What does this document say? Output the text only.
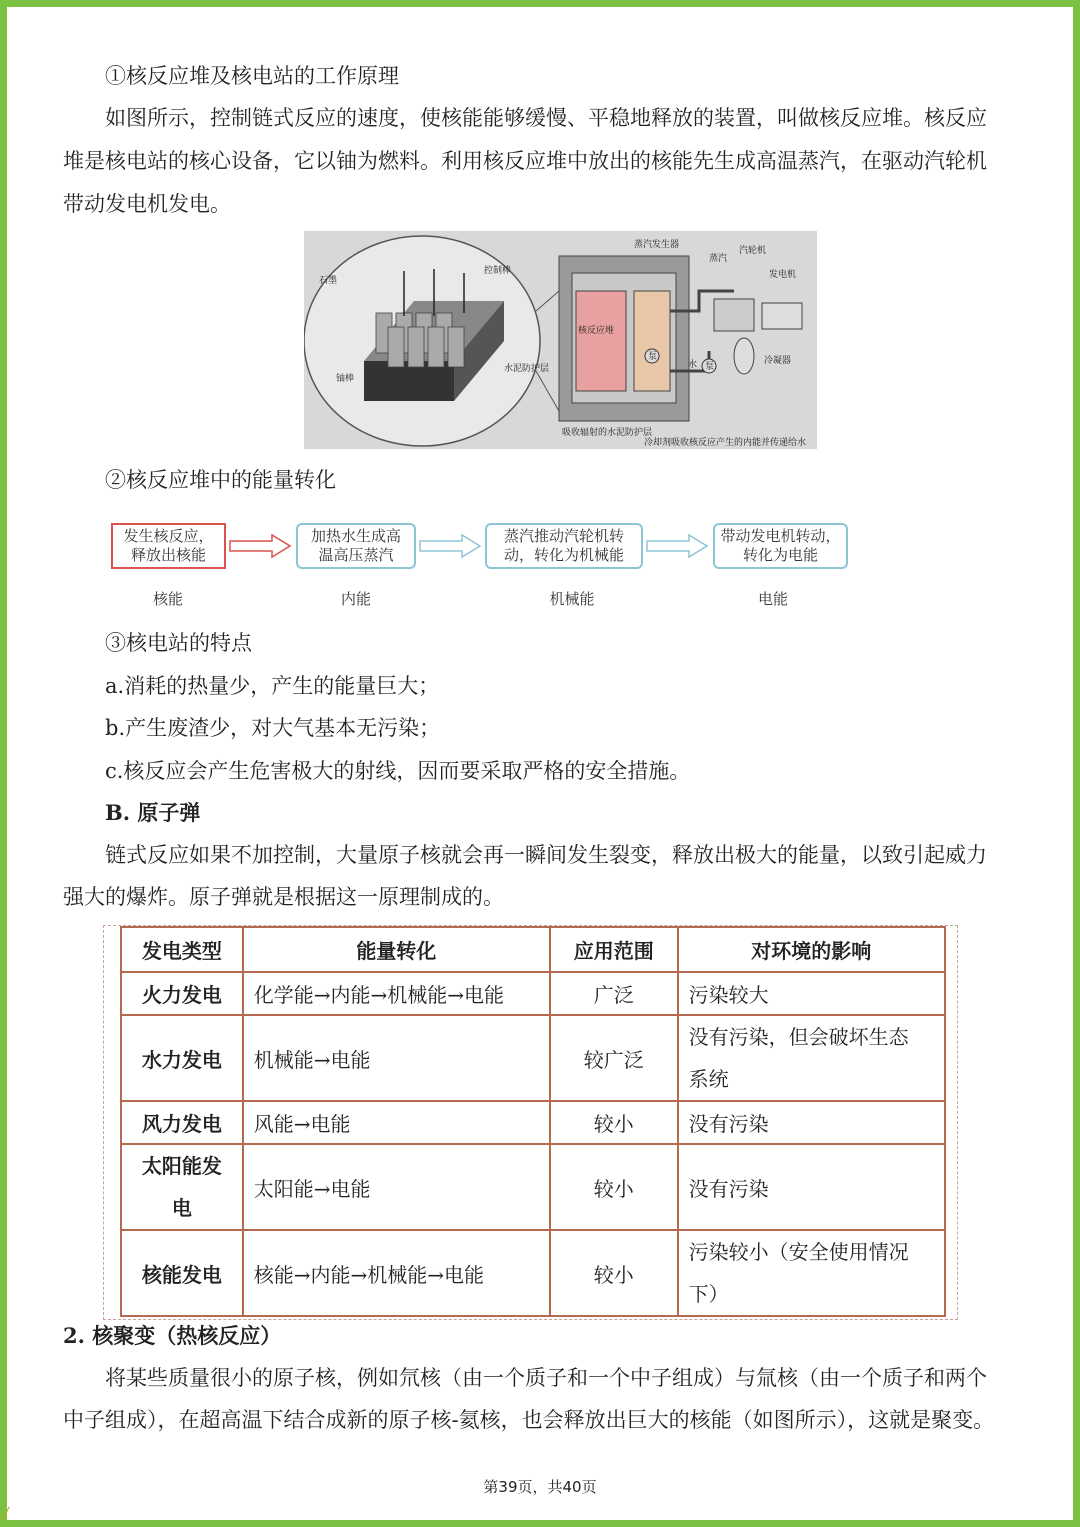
①核反应堆及核电站的工作原理
如图所示，控制链式反应的速度，使核能能够缓慢、平稳地释放的装置，叫做核反应堆。核反应
堆是核电站的核心设备，它以铀为燃料。利用核反应堆中放出的核能先生成高温蒸汽，在驱动汽轮机
带动发电机发电。
石墨
控制棒
铀棒
水泥防护层
蒸汽发生器
蒸汽
汽轮机
发电机
核反应堆
泵
水 泵
冷凝器
吸收辐射的水泥防护层
冷却剂吸收核反应产生的内能并传递给水
②核反应堆中的能量转化
发生核反应，
释放出核能
加热水生成高
温高压蒸汽
蒸汽推动汽轮机转
动，转化为机械能
带动发电机转动，
转化为电能
核能	内能	机械能	电能
③核电站的特点
a.消耗的热量少，产生的能量巨大；
b.产生废渣少，对大气基本无污染；
c.核反应会产生危害极大的射线，因而要采取严格的安全措施。
B. 原子弹
链式反应如果不加控制，大量原子核就会再一瞬间发生裂变，释放出极大的能量，以致引起威力
强大的爆炸。原子弹就是根据这一原理制成的。
发电类型	能量转化	应用范围	对环境的影响
火力发电	化学能→内能→机械能→电能	广泛	污染较大
水力发电	机械能→电能	较广泛	没有污染，但会破坏生态
系统
风力发电	风能→电能	较小	没有污染
太阳能发
电	太阳能→电能	较小	没有污染
核能发电	核能→内能→机械能→电能	较小	污染较小（安全使用情况
下）
2. 核聚变（热核反应）
将某些质量很小的原子核，例如氘核（由一个质子和一个中子组成）与氚核（由一个质子和两个
中子组成），在超高温下结合成新的原子核-氦核，也会释放出巨大的核能（如图所示），这就是聚变。
第39页，共40页
╱
